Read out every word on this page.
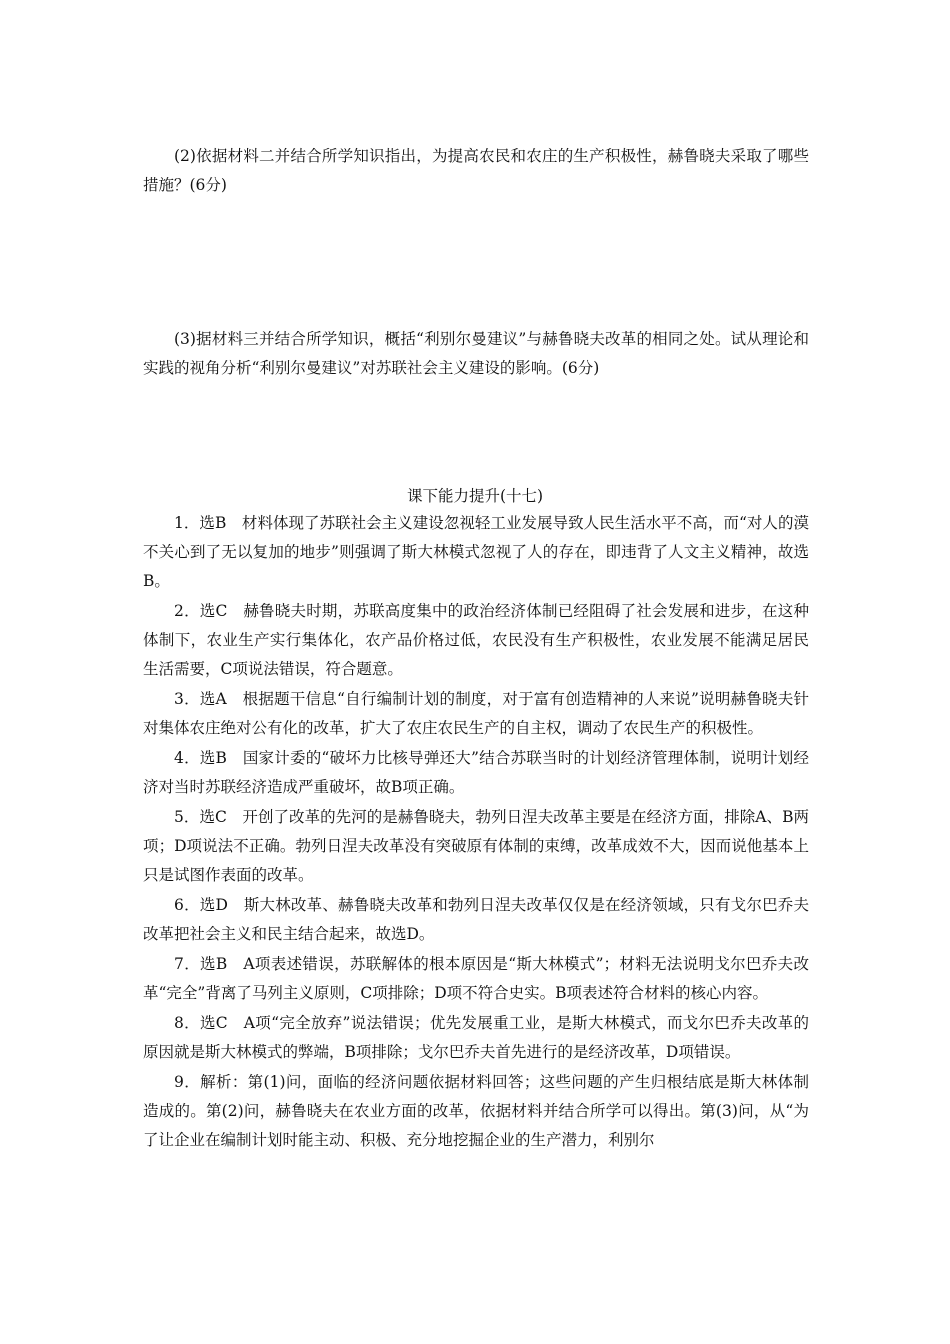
(2)依据材料二并结合所学知识指出，为提高农民和农庄的生产积极性，赫鲁晓夫采取了哪些措施？(6分)

(3)据材料三并结合所学知识，概括“利别尔曼建议”与赫鲁晓夫改革的相同之处。试从理论和实践的视角分析“利别尔曼建议”对苏联社会主义建设的影响。(6分)

课下能力提升(十七)

1．选B　材料体现了苏联社会主义建设忽视轻工业发展导致人民生活水平不高，而“对人的漠不关心到了无以复加的地步”则强调了斯大林模式忽视了人的存在，即违背了人文主义精神，故选B。

2．选C　赫鲁晓夫时期，苏联高度集中的政治经济体制已经阻碍了社会发展和进步，在这种体制下，农业生产实行集体化，农产品价格过低，农民没有生产积极性，农业发展不能满足居民生活需要，C项说法错误，符合题意。

3．选A　根据题干信息“自行编制计划的制度，对于富有创造精神的人来说”说明赫鲁晓夫针对集体农庄绝对公有化的改革，扩大了农庄农民生产的自主权，调动了农民生产的积极性。

4．选B　国家计委的“破坏力比核导弹还大”结合苏联当时的计划经济管理体制，说明计划经济对当时苏联经济造成严重破坏，故B项正确。

5．选C　开创了改革的先河的是赫鲁晓夫，勃列日涅夫改革主要是在经济方面，排除A、B两项；D项说法不正确。勃列日涅夫改革没有突破原有体制的束缚，改革成效不大，因而说他基本上只是试图作表面的改革。

6．选D　斯大林改革、赫鲁晓夫改革和勃列日涅夫改革仅仅是在经济领域，只有戈尔巴乔夫改革把社会主义和民主结合起来，故选D。

7．选B　A项表述错误，苏联解体的根本原因是“斯大林模式”；材料无法说明戈尔巴乔夫改革“完全”背离了马列主义原则，C项排除；D项不符合史实。B项表述符合材料的核心内容。

8．选C　A项“完全放弃”说法错误；优先发展重工业，是斯大林模式，而戈尔巴乔夫改革的原因就是斯大林模式的弊端，B项排除；戈尔巴乔夫首先进行的是经济改革，D项错误。

9．解析：第(1)问，面临的经济问题依据材料回答；这些问题的产生归根结底是斯大林体制造成的。第(2)问，赫鲁晓夫在农业方面的改革，依据材料并结合所学可以得出。第(3)问，从“为了让企业在编制计划时能主动、积极、充分地挖掘企业的生产潜力，利别尔
